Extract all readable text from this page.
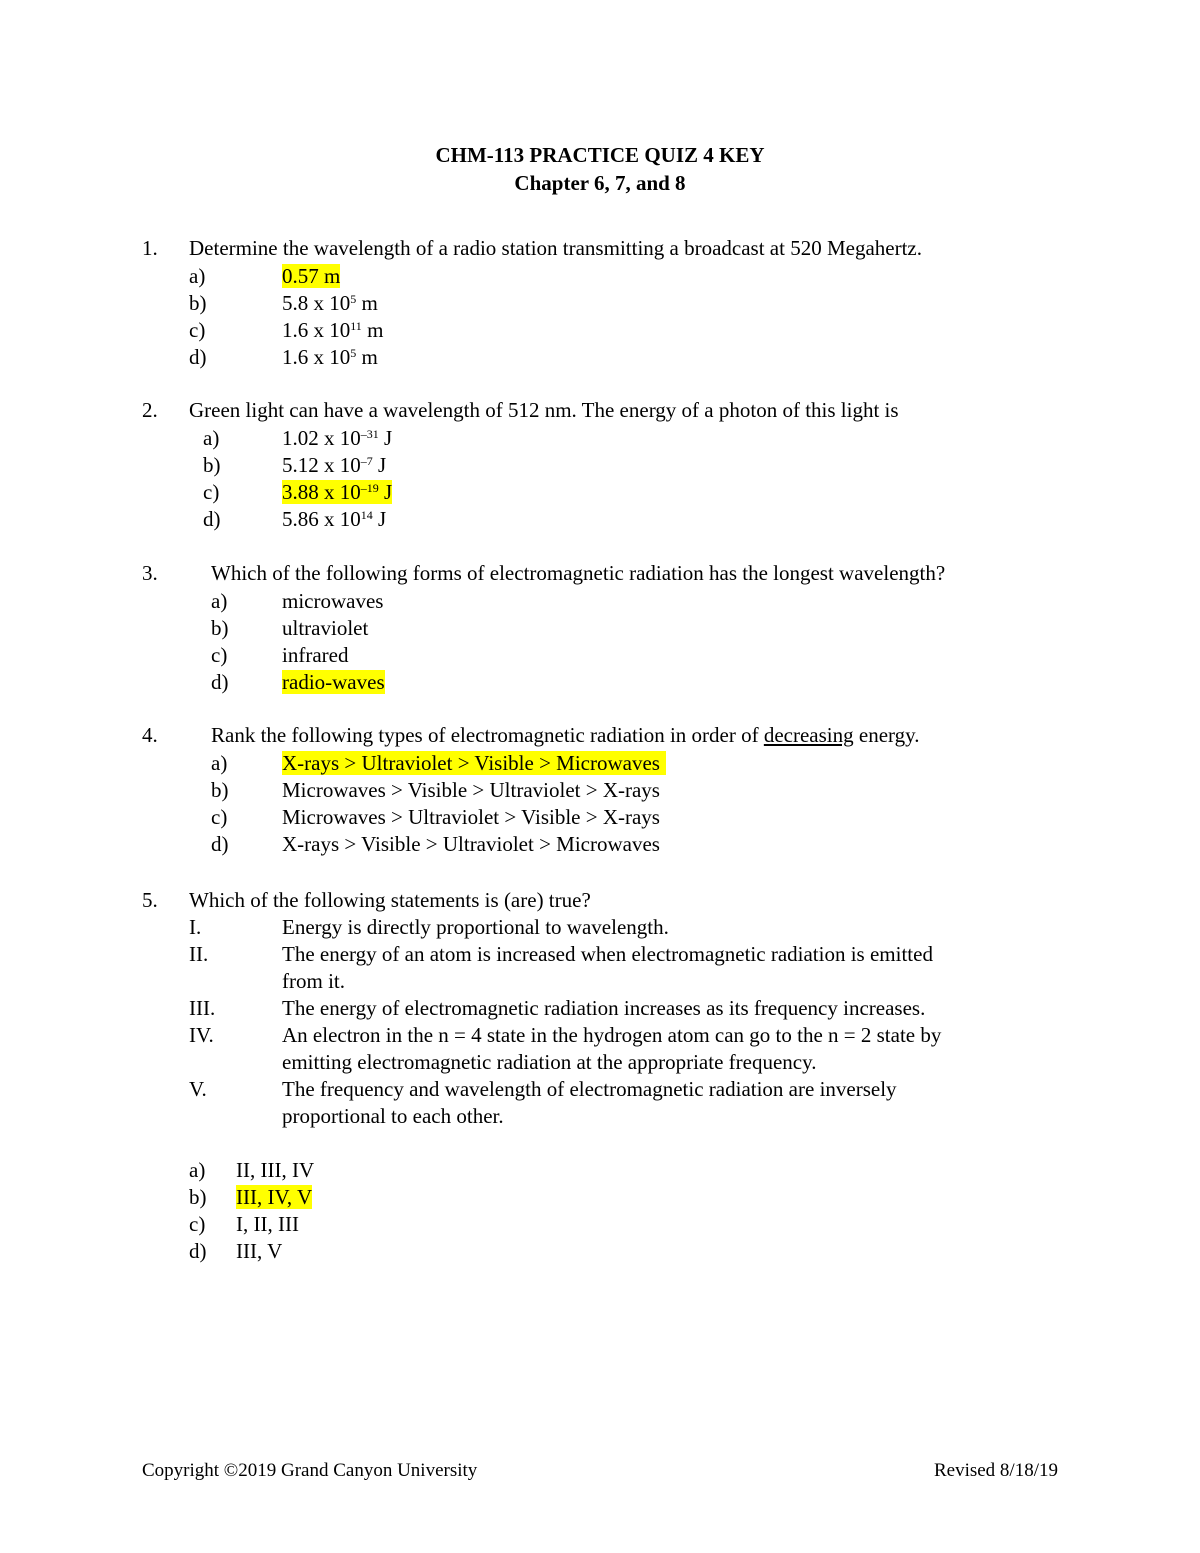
CHM-113 PRACTICE QUIZ 4 KEY
Chapter 6, 7, and 8
1. Determine the wavelength of a radio station transmitting a broadcast at 520 Megahertz.
a)	0.57 m
b)	5.8 x $10^5$ m
c)	1.6 x $10^{11}$ m
d)	1.6 x $10^5$ m
2. Green light can have a wavelength of 512 nm. The energy of a photon of this light is
a)	1.02 x $10^{-31}$ J
b)	5.12 x $10^{-7}$ J
c)	3.88 x $10^{-19}$ J
d)	5.86 x $10^{14}$ J
3.	Which of the following forms of electromagnetic radiation has the longest wavelength?
a)	microwaves
b)	ultraviolet
c)	infrared
d)	radio-waves
4.	Rank the following types of electromagnetic radiation in order of decreasing energy.
a)	X-rays > Ultraviolet > Visible > Microwaves
b)	Microwaves > Visible > Ultraviolet > X-rays
c)	Microwaves > Ultraviolet > Visible > X-rays
d)	X-rays > Visible > Ultraviolet > Microwaves
5. Which of the following statements is (are) true?
I.	Energy is directly proportional to wavelength.
II.	The energy of an atom is increased when electromagnetic radiation is emitted
from it.
III.	The energy of electromagnetic radiation increases as its frequency increases.
IV.	An electron in the n = 4 state in the hydrogen atom can go to the n = 2 state by
emitting electromagnetic radiation at the appropriate frequency.
V.	The frequency and wavelength of electromagnetic radiation are inversely
proportional to each other.
a) II, III, IV
b) III, IV, V
c) I, II, III
d) III, V
Copyright ©2019 Grand Canyon University	Revised 8/18/19
